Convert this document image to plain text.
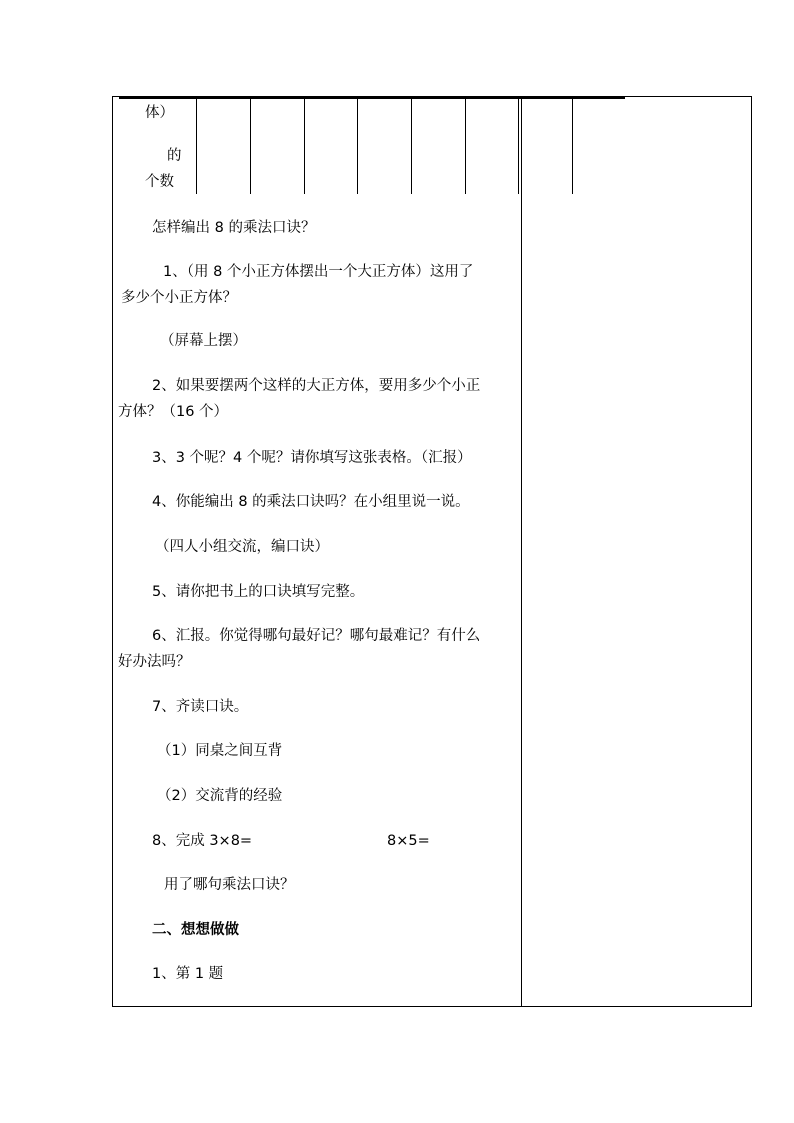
体）
的
个数
怎样编出 8 的乘法口诀？
1、（用 8 个小正方体摆出一个大正方体）这用了
多少个小正方体？
（屏幕上摆）
2、如果要摆两个这样的大正方体，要用多少个小正
方体？（16 个）
3、3 个呢？4 个呢？请你填写这张表格。（汇报）
4、你能编出 8 的乘法口诀吗？在小组里说一说。
（四人小组交流，编口诀）
5、请你把书上的口诀填写完整。
6、汇报。你觉得哪句最好记？哪句最难记？有什么
好办法吗？
7、齐读口诀。
（1）同桌之间互背
（2）交流背的经验
8、完成 3×8=	8×5=
用了哪句乘法口诀？
二、想想做做
1、第 1 题
